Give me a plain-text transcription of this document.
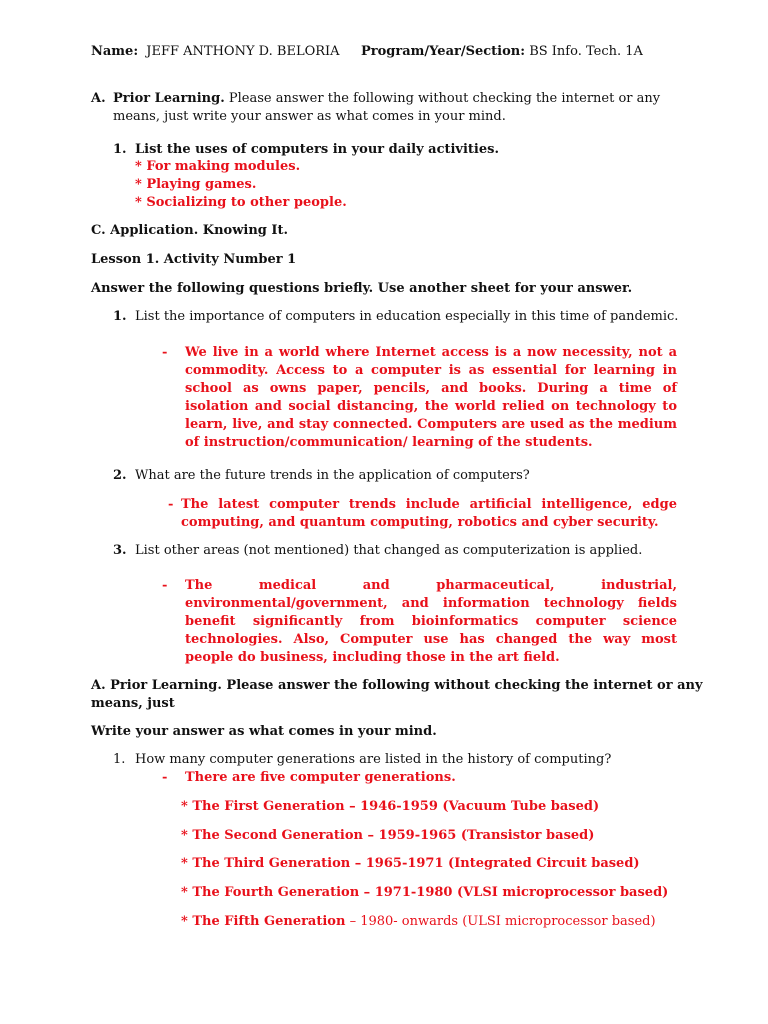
Name: JEFF ANTHONY D. BELORIA Program/Year/Section: BS Info. Tech. 1A
A. Prior Learning. Please answer the following without checking the internet or any
means, just write your answer as what comes in your mind.
1. List the uses of computers in your daily activities.
* For making modules.
* Playing games.
* Socializing to other people.
C. Application. Knowing It.
Lesson 1. Activity Number 1
Answer the following questions briefly. Use another sheet for your answer.
1. List the importance of computers in education especially in this time of pandemic.
- We live in a world where Internet access is a now necessity, not a commodity. Access to a computer is as essential for learning in school as owns paper, pencils, and books. During a time of isolation and social distancing, the world relied on technology to learn, live, and stay connected. Computers are used as the medium of instruction/communication/ learning of the students.
2. What are the future trends in the application of computers?
- The latest computer trends include artificial intelligence, edge computing, and quantum computing, robotics and cyber security.
3. List other areas (not mentioned) that changed as computerization is applied.
- The medical and pharmaceutical, industrial, environmental/government, and information technology fields benefit significantly from bioinformatics computer science technologies. Also, Computer use has changed the way most people do business, including those in the art field.
A. Prior Learning. Please answer the following without checking the internet or any
means, just
Write your answer as what comes in your mind.
1. How many computer generations are listed in the history of computing?
- There are five computer generations.
* The First Generation – 1946-1959 (Vacuum Tube based)
* The Second Generation – 1959-1965 (Transistor based)
* The Third Generation – 1965-1971 (Integrated Circuit based)
* The Fourth Generation – 1971-1980 (VLSI microprocessor based)
* The Fifth Generation – 1980- onwards (ULSI microprocessor based)
